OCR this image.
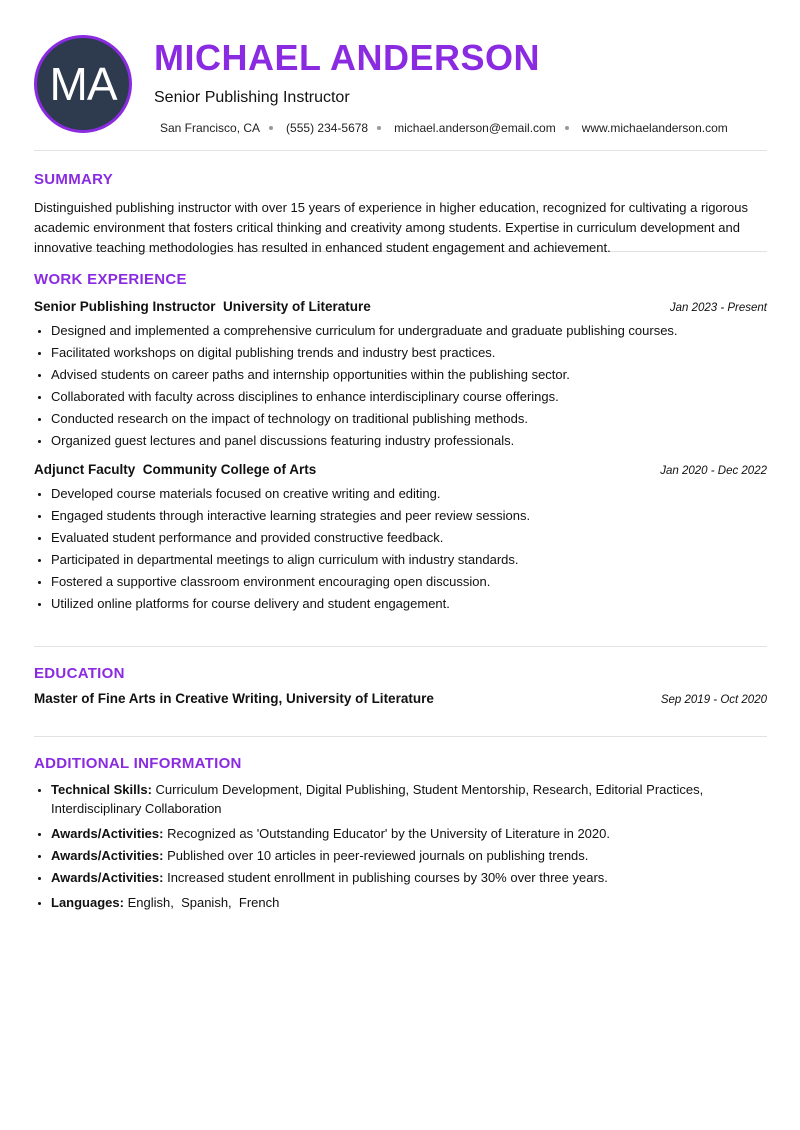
MA
MICHAEL ANDERSON
Senior Publishing Instructor
San Francisco, CA (555) 234-5678 michael.anderson@email.com www.michaelanderson.com
SUMMARY

Distinguished publishing instructor with over 15 years of experience in higher education, recognized for cultivating a rigorous academic environment that fosters critical thinking and creativity among students. Expertise in curriculum development and innovative teaching methodologies has resulted in enhanced student engagement and achievement.

WORK EXPERIENCE
Senior Publishing Instructor  University of Literature	Jan 2023 - Present
• Designed and implemented a comprehensive curriculum for undergraduate and graduate publishing courses.
• Facilitated workshops on digital publishing trends and industry best practices.
• Advised students on career paths and internship opportunities within the publishing sector.
• Collaborated with faculty across disciplines to enhance interdisciplinary course offerings.
• Conducted research on the impact of technology on traditional publishing methods.
• Organized guest lectures and panel discussions featuring industry professionals.
Adjunct Faculty  Community College of Arts	Jan 2020 - Dec 2022
• Developed course materials focused on creative writing and editing.
• Engaged students through interactive learning strategies and peer review sessions.
• Evaluated student performance and provided constructive feedback.
• Participated in departmental meetings to align curriculum with industry standards.
• Fostered a supportive classroom environment encouraging open discussion.
• Utilized online platforms for course delivery and student engagement.
EDUCATION
Master of Fine Arts in Creative Writing, University of Literature	Sep 2019 - Oct 2020
ADDITIONAL INFORMATION
• Technical Skills: Curriculum Development, Digital Publishing, Student Mentorship, Research, Editorial Practices, Interdisciplinary Collaboration
• Awards/Activities: Recognized as 'Outstanding Educator' by the University of Literature in 2020.
• Awards/Activities: Published over 10 articles in peer-reviewed journals on publishing trends.
• Awards/Activities: Increased student enrollment in publishing courses by 30% over three years.
• Languages: English,  Spanish,  French
